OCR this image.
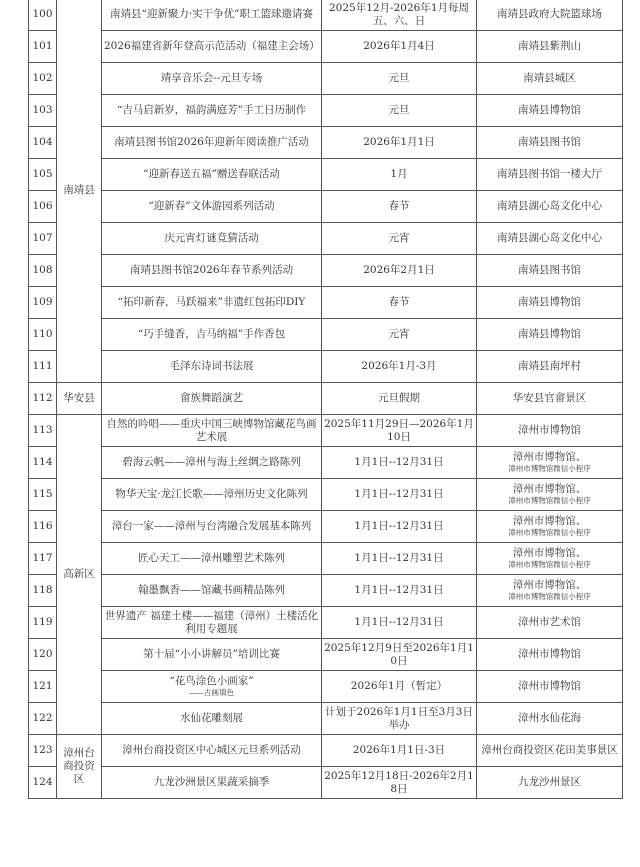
100	南靖县	南靖县“迎新聚力·实干争优”职工篮球邀请赛	2025年12月-2026年1月每周五、六、日	南靖县政府大院篮球场
101		2026福建省新年登高示范活动（福建主会场）	2026年1月4日	南靖县紫荆山
102		靖享音乐会--元旦专场	元旦	南靖县城区
103		“吉马启新岁，福韵满庭芳”手工日历制作	元旦	南靖县博物馆
104		南靖县图书馆2026年迎新年阅读推广活动	2026年1月1日	南靖县图书馆
105		“迎新春送五福”赠送春联活动	1月	南靖县图书馆一楼大厅
106		“迎新春”文体游园系列活动	春节	南靖县湖心岛文化中心
107		庆元宵灯谜竞猜活动	元宵	南靖县湖心岛文化中心
108		南靖县图书馆2026年春节系列活动	2026年2月1日	南靖县图书馆
109		“拓印新春，马跃福来”非遗红包拓印DIY	春节	南靖县博物馆
110		“巧手缝香，吉马纳福”手作香包	元宵	南靖县博物馆
111		毛泽东诗词书法展	2026年1月-3月	南靖县南坪村
112	华安县	畲族舞蹈演艺	元旦假期	华安县官畲景区
113	高新区	自然的吟唱——重庆中国三峡博物馆藏花鸟画艺术展	2025年11月29日—2026年1月10日	漳州市博物馆
114		碧海云帆——漳州与海上丝绸之路陈列	1月1日--12月31日	漳州市博物馆、
漳州市博物馆微信小程序

115		物华天宝·龙江长歌——漳州历史文化陈列	1月1日--12月31日	漳州市博物馆、
漳州市博物馆微信小程序

116		漳台一家——漳州与台湾融合发展基本陈列	1月1日--12月31日	漳州市博物馆、
漳州市博物馆微信小程序

117		匠心天工——漳州雕塑艺术陈列	1月1日--12月31日	漳州市博物馆、
漳州市博物馆微信小程序

118		翰墨飘香——馆藏书画精品陈列	1月1日--12月31日	漳州市博物馆、
漳州市博物馆微信小程序

119		世界遗产 福建土楼——福建（漳州）土楼活化利用专题展	1月1日--12月31日	漳州市艺术馆
120		第十届“小小讲解员”培训比赛	2025年12月9日至2026年1月10日	漳州市博物馆
121		“花鸟涂色小画家”
——古画填色	2026年1月（暂定）	漳州市博物馆
122		水仙花雕刻展	计划于2026年1月1日至3月3日举办	漳州水仙花海
123	漳州台商投资区	漳州台商投资区中心城区元旦系列活动	2026年1月1日-3日	漳州台商投资区花田美事景区
124		九龙沙洲景区果蔬采摘季	2025年12月18日-2026年2月18日	九龙沙州景区
